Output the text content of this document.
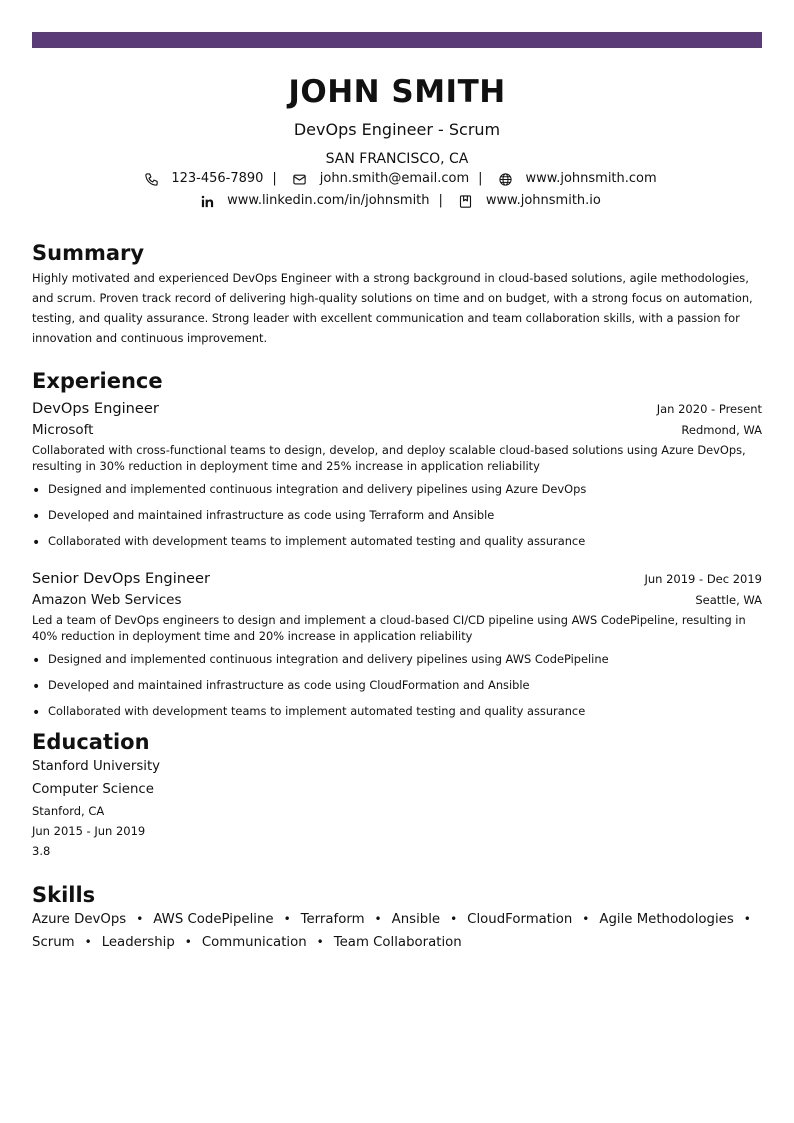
JOHN SMITH
DevOps Engineer - Scrum
SAN FRANCISCO, CA
123-456-7890 |	john.smith@email.com |	www.johnsmith.com
www.linkedin.com/in/johnsmith |	www.johnsmith.io
Summary
Highly motivated and experienced DevOps Engineer with a strong background in cloud-based solutions, agile methodologies, and scrum. Proven track record of delivering high-quality solutions on time and on budget, with a strong focus on automation, testing, and quality assurance. Strong leader with excellent communication and team collaboration skills, with a passion for innovation and continuous improvement.
Experience
DevOps Engineer	Jan 2020 - Present
Microsoft	Redmond, WA
Collaborated with cross-functional teams to design, develop, and deploy scalable cloud-based solutions using Azure DevOps, resulting in 30% reduction in deployment time and 25% increase in application reliability
• Designed and implemented continuous integration and delivery pipelines using Azure DevOps
• Developed and maintained infrastructure as code using Terraform and Ansible
• Collaborated with development teams to implement automated testing and quality assurance
Senior DevOps Engineer	Jun 2019 - Dec 2019
Amazon Web Services	Seattle, WA
Led a team of DevOps engineers to design and implement a cloud-based CI/CD pipeline using AWS CodePipeline, resulting in 40% reduction in deployment time and 20% increase in application reliability
• Designed and implemented continuous integration and delivery pipelines using AWS CodePipeline
• Developed and maintained infrastructure as code using CloudFormation and Ansible
• Collaborated with development teams to implement automated testing and quality assurance
Education
Stanford University
Computer Science
Stanford, CA
Jun 2015 - Jun 2019
3.8
Skills
Azure DevOps • AWS CodePipeline • Terraform • Ansible • CloudFormation • Agile Methodologies •
Scrum • Leadership • Communication • Team Collaboration
